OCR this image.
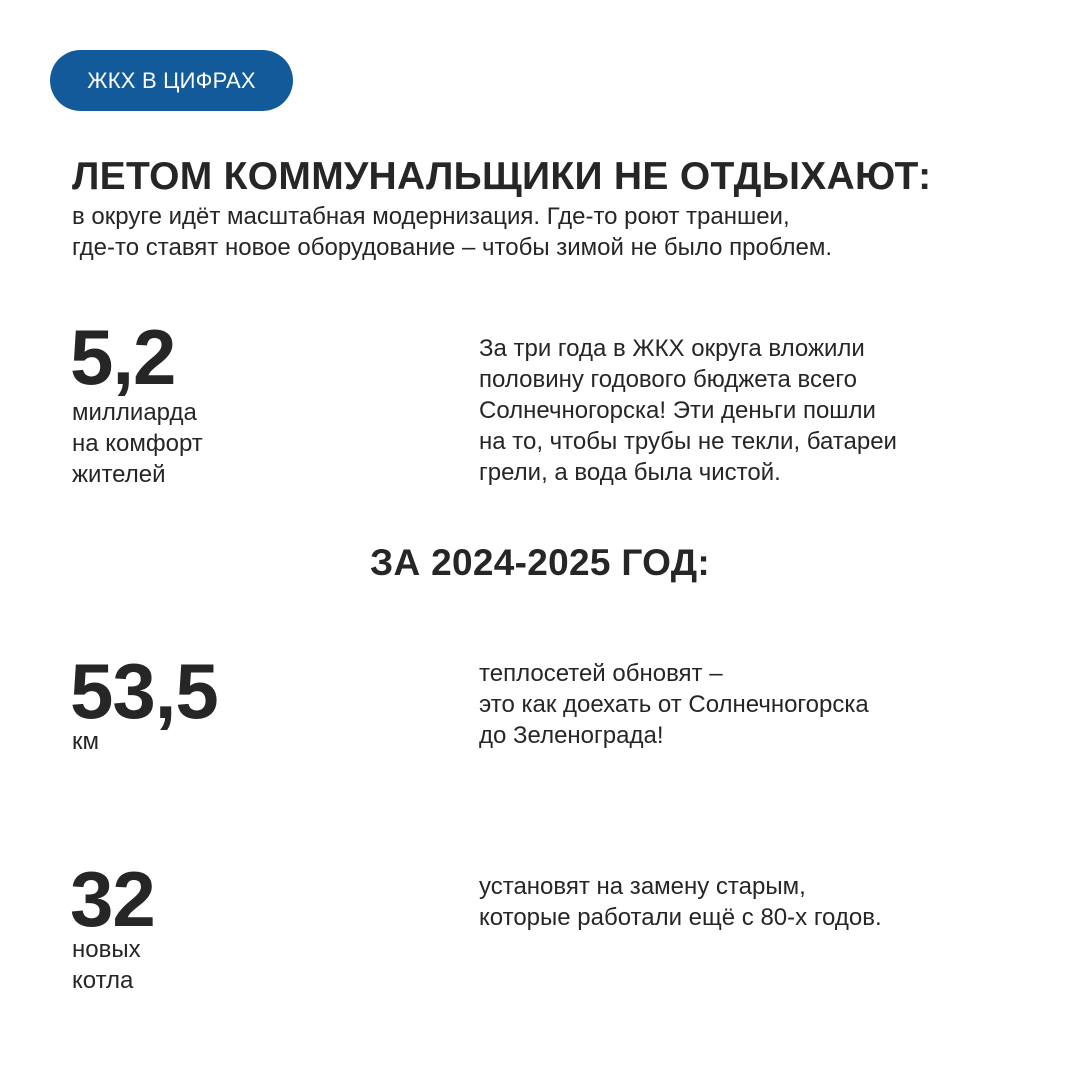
ЖКХ В ЦИФРАХ
ЛЕТОМ КОММУНАЛЬЩИКИ НЕ ОТДЫХАЮТ:
в округе идёт масштабная модернизация. Где-то роют траншеи,
где-то ставят новое оборудование – чтобы зимой не было проблем.
5,2
миллиарда
на комфорт
жителей
За три года в ЖКХ округа вложили
половину годового бюджета всего
Солнечногорска! Эти деньги пошли
на то, чтобы трубы не текли, батареи
грели, а вода была чистой.
ЗА 2024-2025 ГОД:
53,5
км
теплосетей обновят –
это как доехать от Солнечногорска
до Зеленограда!
32
новых
котла
установят на замену старым,
которые работали ещё с 80-х годов.
